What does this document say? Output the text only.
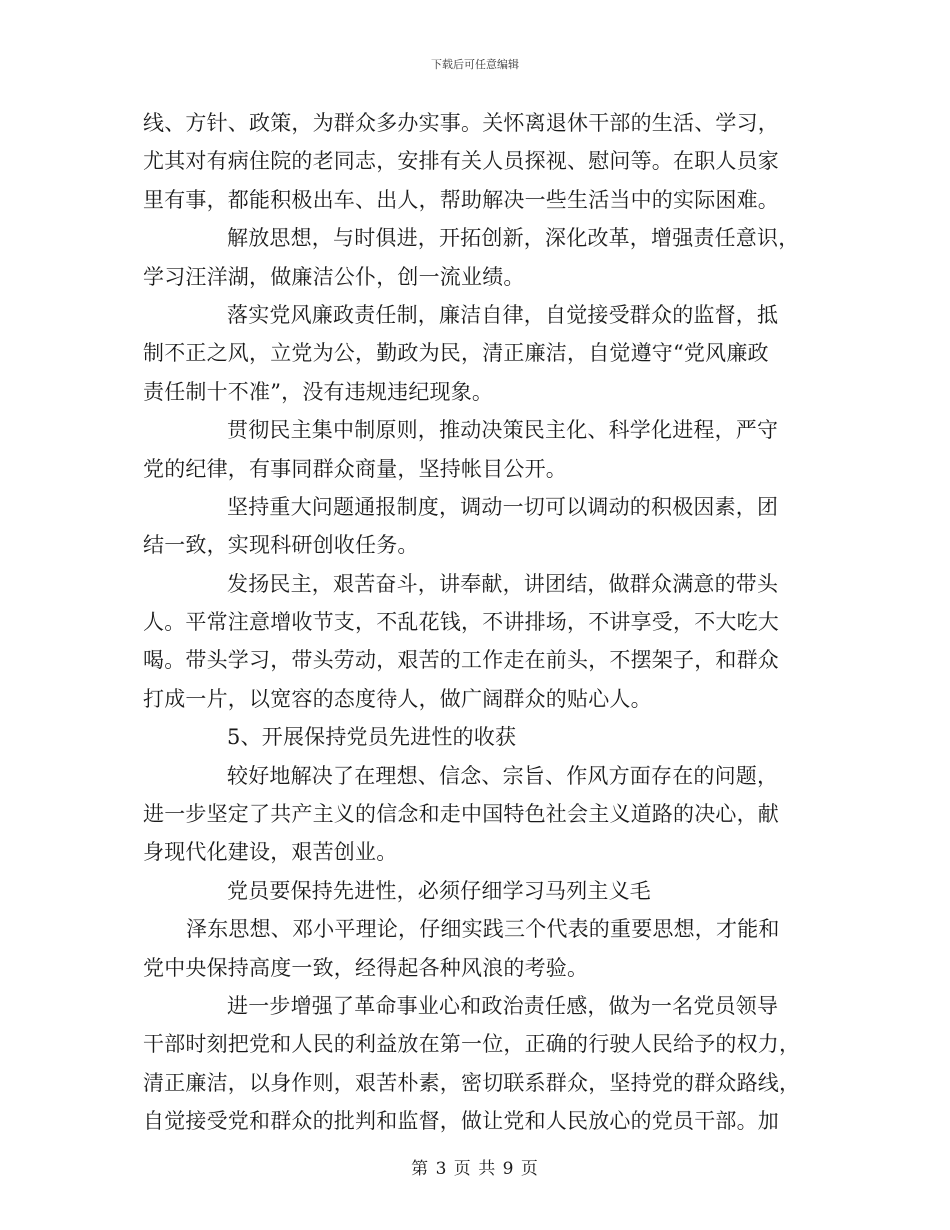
下载后可任意编辑
线、方针、政策，为群众多办实事。关怀离退休干部的生活、学习，
尤其对有病住院的老同志，安排有关人员探视、慰问等。在职人员家
里有事，都能积极出车、出人，帮助解决一些生活当中的实际困难。
解放思想，与时俱进，开拓创新，深化改革，增强责任意识，
学习汪洋湖，做廉洁公仆，创一流业绩。
落实党风廉政责任制，廉洁自律，自觉接受群众的监督，抵
制不正之风，立党为公，勤政为民，清正廉洁，自觉遵守“党风廉政
责任制十不准”，没有违规违纪现象。
贯彻民主集中制原则，推动决策民主化、科学化进程，严守
党的纪律，有事同群众商量，坚持帐目公开。
坚持重大问题通报制度，调动一切可以调动的积极因素，团
结一致，实现科研创收任务。
发扬民主，艰苦奋斗，讲奉献，讲团结，做群众满意的带头
人。平常注意增收节支，不乱花钱，不讲排场，不讲享受，不大吃大
喝。带头学习，带头劳动，艰苦的工作走在前头，不摆架子，和群众
打成一片，以宽容的态度待人，做广阔群众的贴心人。
5、开展保持党员先进性的收获
较好地解决了在理想、信念、宗旨、作风方面存在的问题，
进一步坚定了共产主义的信念和走中国特色社会主义道路的决心，献
身现代化建设，艰苦创业。
党员要保持先进性，必须仔细学习马列主义毛
泽东思想、邓小平理论，仔细实践三个代表的重要思想，才能和
党中央保持高度一致，经得起各种风浪的考验。
进一步增强了革命事业心和政治责任感，做为一名党员领导
干部时刻把党和人民的利益放在第一位，正确的行驶人民给予的权力，
清正廉洁，以身作则，艰苦朴素，密切联系群众，坚持党的群众路线，
自觉接受党和群众的批判和监督，做让党和人民放心的党员干部。加
第 3 页 共 9 页
